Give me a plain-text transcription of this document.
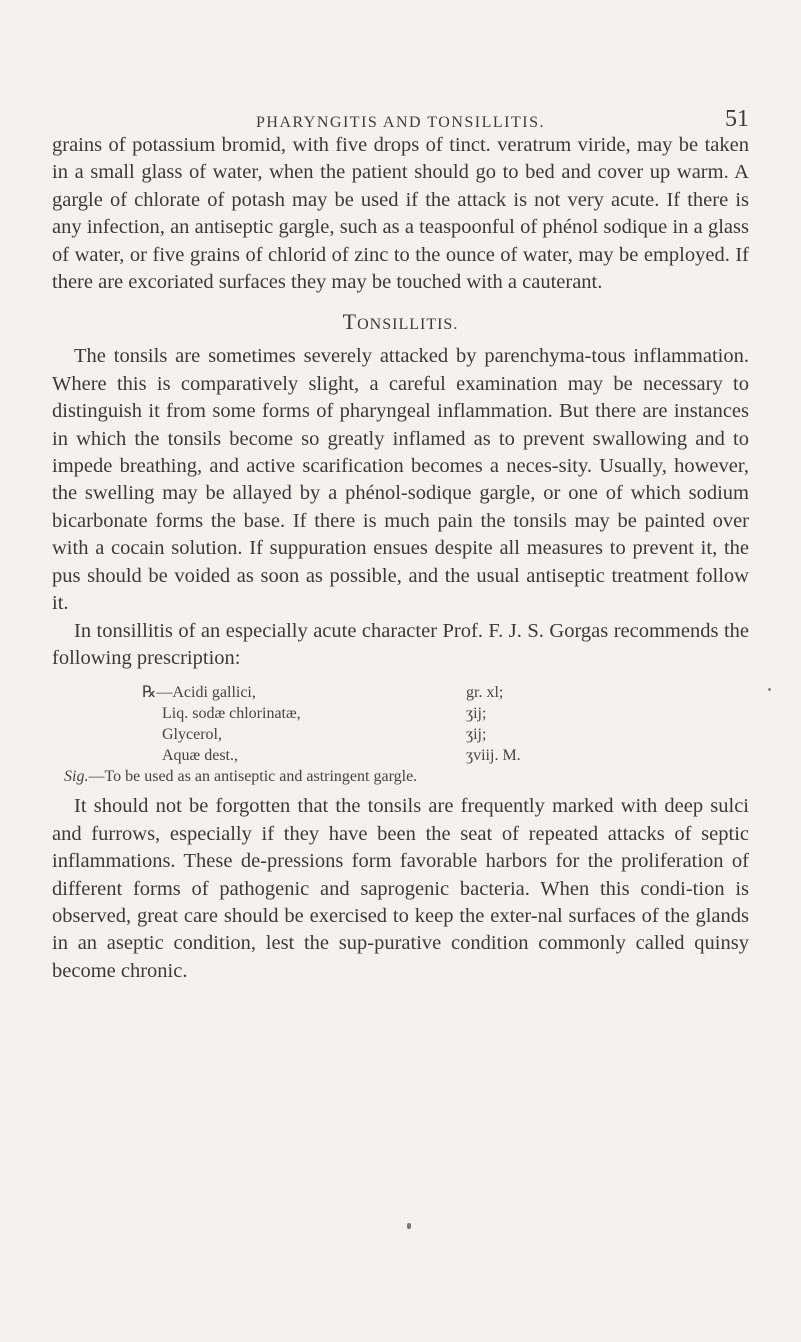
PHARYNGITIS AND TONSILLITIS.	51

grains of potassium bromid, with five drops of tinct. veratrum viride, may be taken in a small glass of water, when the patient should go to bed and cover up warm. A gargle of chlorate of potash may be used if the attack is not very acute. If there is any infection, an antiseptic gargle, such as a teaspoonful of phénol sodique in a glass of water, or five grains of chlorid of zinc to the ounce of water, may be employed. If there are excoriated surfaces they may be touched with a cauterant.

TONSILLITIS.

The tonsils are sometimes severely attacked by parenchyma-tous inflammation. Where this is comparatively slight, a careful examination may be necessary to distinguish it from some forms of pharyngeal inflammation. But there are instances in which the tonsils become so greatly inflamed as to prevent swallowing and to impede breathing, and active scarification becomes a neces-sity. Usually, however, the swelling may be allayed by a phénol-sodique gargle, or one of which sodium bicarbonate forms the base. If there is much pain the tonsils may be painted over with a cocain solution. If suppuration ensues despite all measures to prevent it, the pus should be voided as soon as possible, and the usual antiseptic treatment follow it.

In tonsillitis of an especially acute character Prof. F. J. S. Gorgas recommends the following prescription:

℞—Acidi gallici,	gr. xl;
Liq. sodæ chlorinatæ,	ʒij;
Glycerol,	ʒij;
Aquæ dest.,	ʒviij. M.
Sig.—To be used as an antiseptic and astringent gargle.

It should not be forgotten that the tonsils are frequently marked with deep sulci and furrows, especially if they have been the seat of repeated attacks of septic inflammations. These de-pressions form favorable harbors for the proliferation of different forms of pathogenic and saprogenic bacteria. When this condi-tion is observed, great care should be exercised to keep the exter-nal surfaces of the glands in an aseptic condition, lest the sup-purative condition commonly called quinsy become chronic.
